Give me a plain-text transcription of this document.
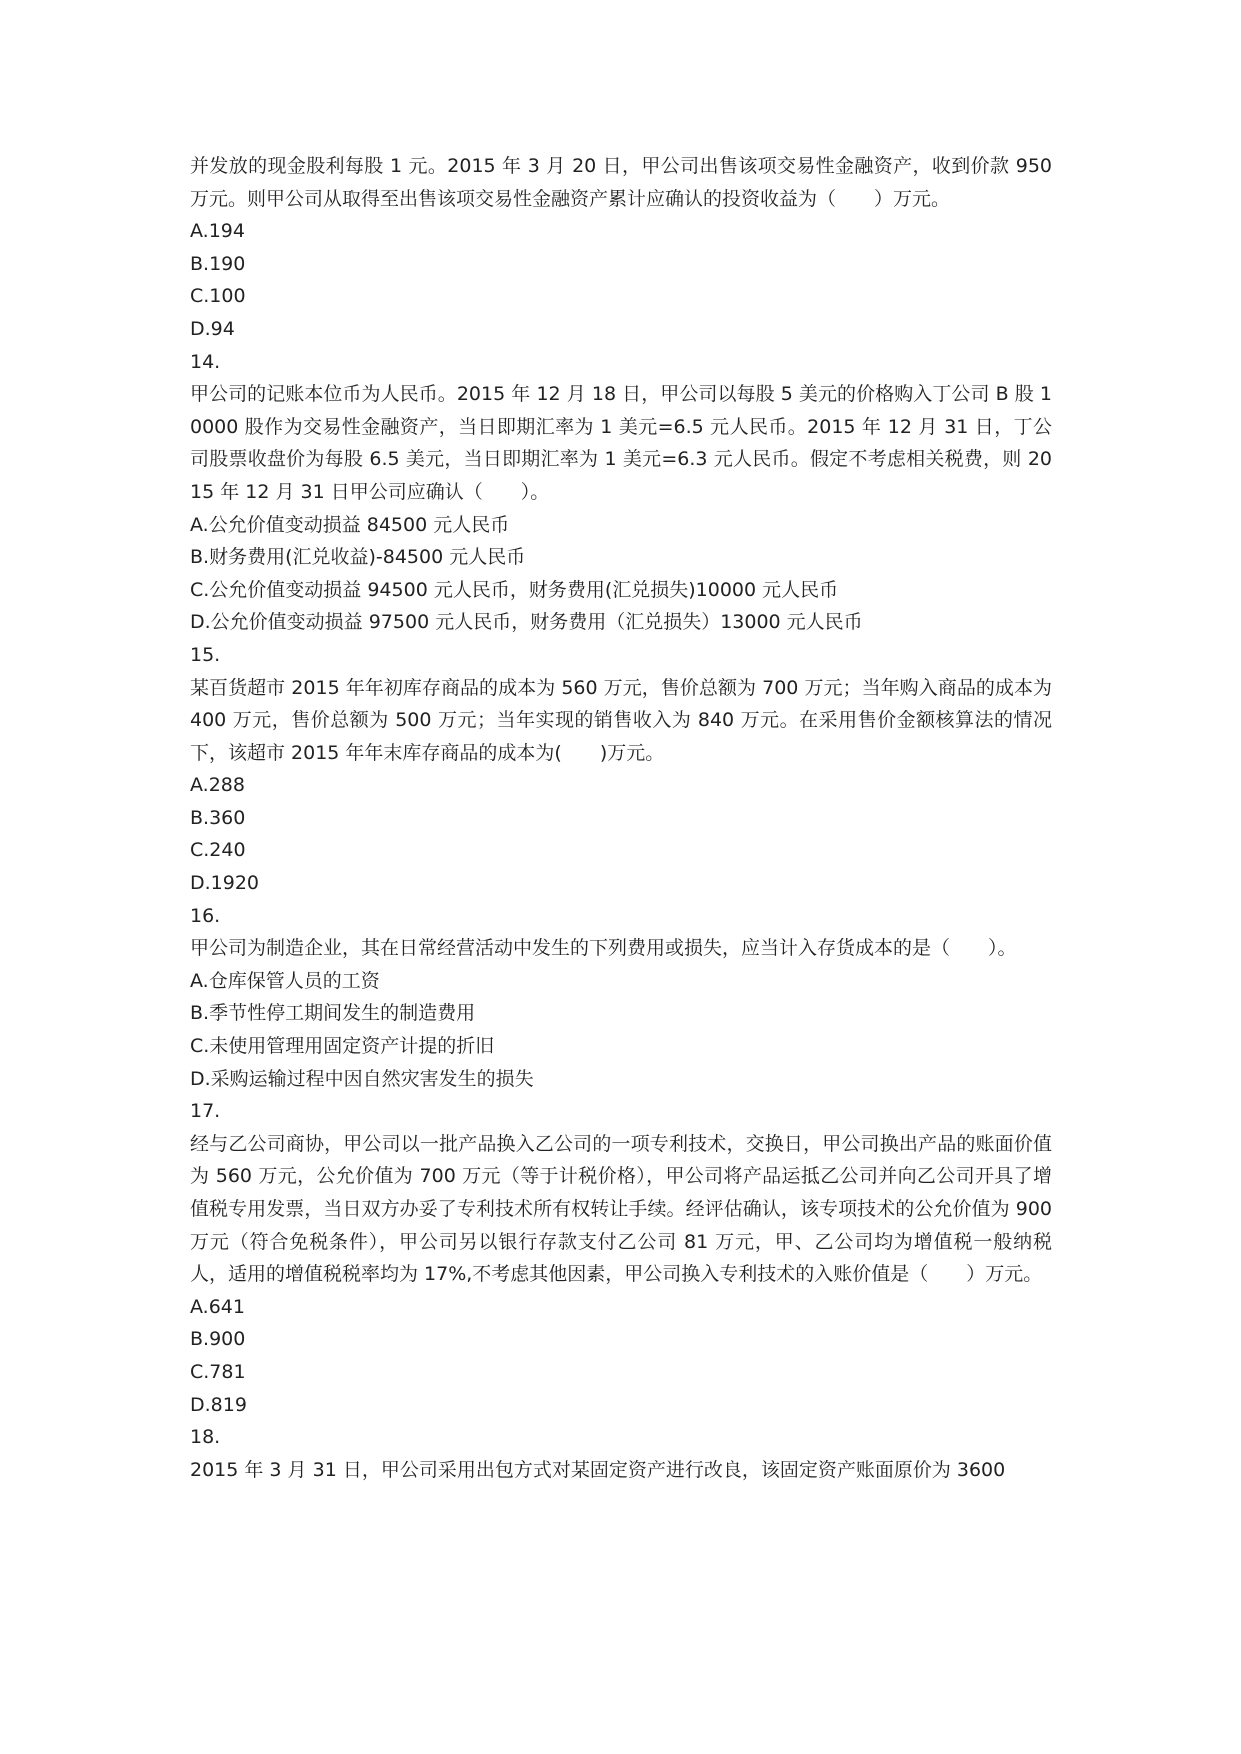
并发放的现金股利每股 1 元。2015 年 3 月 20 日，甲公司出售该项交易性金融资产，收到价款 950 万元。则甲公司从取得至出售该项交易性金融资产累计应确认的投资收益为（　　）万元。

A.194

B.190

C.100

D.94

14.

甲公司的记账本位币为人民币。2015 年 12 月 18 日，甲公司以每股 5 美元的价格购入丁公司 B 股 10000 股作为交易性金融资产，当日即期汇率为 1 美元=6.5 元人民币。2015 年 12 月 31 日，丁公司股票收盘价为每股 6.5 美元，当日即期汇率为 1 美元=6.3 元人民币。假定不考虑相关税费，则 2015 年 12 月 31 日甲公司应确认（　　）。

A.公允价值变动损益 84500 元人民币

B.财务费用(汇兑收益)-84500 元人民币

C.公允价值变动损益 94500 元人民币，财务费用(汇兑损失)10000 元人民币

D.公允价值变动损益 97500 元人民币，财务费用（汇兑损失）13000 元人民币

15.

某百货超市 2015 年年初库存商品的成本为 560 万元，售价总额为 700 万元；当年购入商品的成本为 400 万元，售价总额为 500 万元；当年实现的销售收入为 840 万元。在采用售价金额核算法的情况下，该超市 2015 年年末库存商品的成本为(　　)万元。

A.288

B.360

C.240

D.1920

16.

甲公司为制造企业，其在日常经营活动中发生的下列费用或损失，应当计入存货成本的是（　　）。

A.仓库保管人员的工资

B.季节性停工期间发生的制造费用

C.未使用管理用固定资产计提的折旧

D.采购运输过程中因自然灾害发生的损失

17.

经与乙公司商协，甲公司以一批产品换入乙公司的一项专利技术，交换日，甲公司换出产品的账面价值为 560 万元，公允价值为 700 万元（等于计税价格），甲公司将产品运抵乙公司并向乙公司开具了增值税专用发票，当日双方办妥了专利技术所有权转让手续。经评估确认，该专项技术的公允价值为 900 万元（符合免税条件），甲公司另以银行存款支付乙公司 81 万元，甲、乙公司均为增值税一般纳税人，适用的增值税税率均为 17%,不考虑其他因素，甲公司换入专利技术的入账价值是（　　）万元。

A.641

B.900

C.781

D.819

18.

2015 年 3 月 31 日，甲公司采用出包方式对某固定资产进行改良，该固定资产账面原价为 3600
